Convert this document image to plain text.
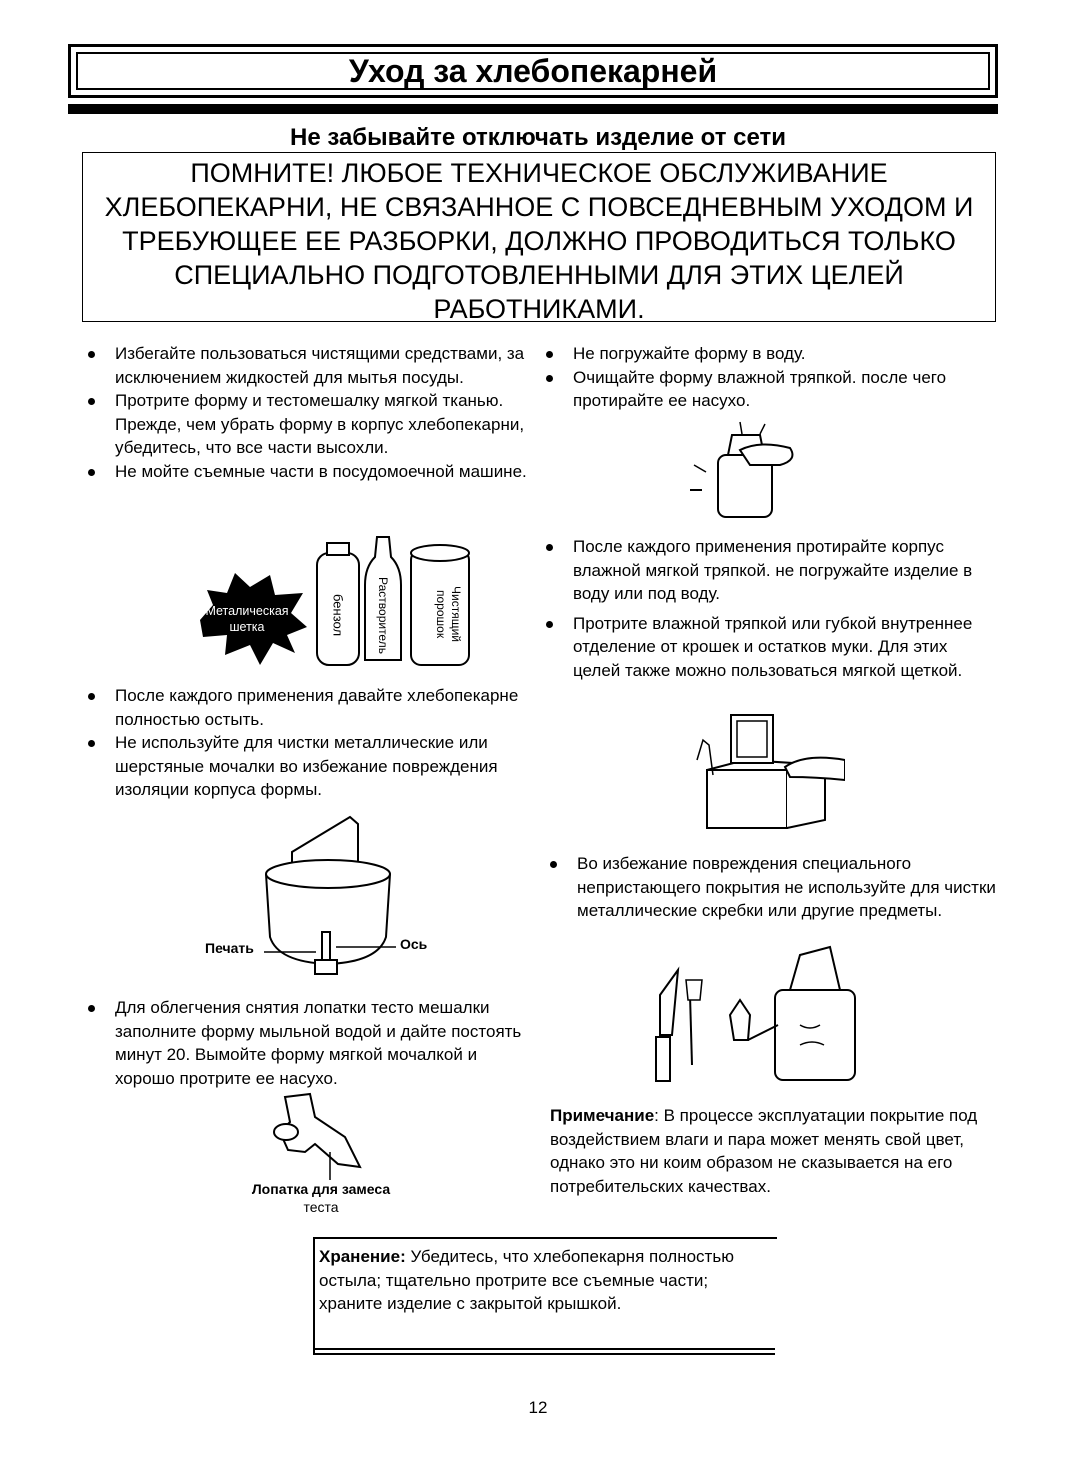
Уход за хлебопекарней
Не забывайте отключать изделие от сети
ПОМНИТЕ! ЛЮБОЕ ТЕХНИЧЕСКОЕ ОБСЛУЖИВАНИЕ
ХЛЕБОПЕКАРНИ, НЕ СВЯЗАННОЕ С ПОВСЕДНЕВНЫМ УХОДОМ И
ТРЕБУЮЩЕЕ ЕЕ РАЗБОРКИ, ДОЛЖНО ПРОВОДИТЬСЯ ТОЛЬКО
СПЕЦИАЛЬНО ПОДГОТОВЛЕННЫМИ ДЛЯ ЭТИХ ЦЕЛЕЙ
РАБОТНИКАМИ.
Избегайте пользоваться чистящими средствами, за исключением жидкостей для мытья посуды.
Протрите форму и тестомешалку мягкой тканью. Прежде, чем убрать форму в корпус хлебопекарни, убедитесь, что все части высохли.
Не мойте съемные части в посудомоечной машине.
Металическая шетка	бензол	Растворитель	Чистящий порошок
После каждого применения давайте хлебопекарне полностью остыть.
Не используйте для чистки металлические или шерстяные мочалки во избежание повреждения изоляции корпуса формы.
Печать	Ось
Для облегчения снятия лопатки тесто мешалки заполните форму мыльной водой и дайте постоять минут 20. Вымойте форму мягкой мочалкой и хорошо протрите ее насухо.
Лопатка для замеса
теста
Не погружайте форму в воду.
Очищайте форму влажной тряпкой. после чего протирайте ее насухо.
После каждого применения протирайте корпус влажной мягкой тряпкой. не погружайте изделие в воду или под воду.
Протрите влажной тряпкой или губкой внутреннее отделение от крошек и остатков муки. Для этих целей также можно пользоваться мягкой щеткой.
Во избежание повреждения специального непристающего покрытия не используйте для чистки металлические скребки или другие предметы.
Примечание: В процессе эксплуатации покрытие под воздействием влаги и пара может менять свой цвет, однако это ни коим образом не сказывается на его потребительских качествах.
Хранение: Убедитесь, что хлебопекарня полностью остыла; тщательно протрите все съемные части; храните изделие с закрытой крышкой.
12
